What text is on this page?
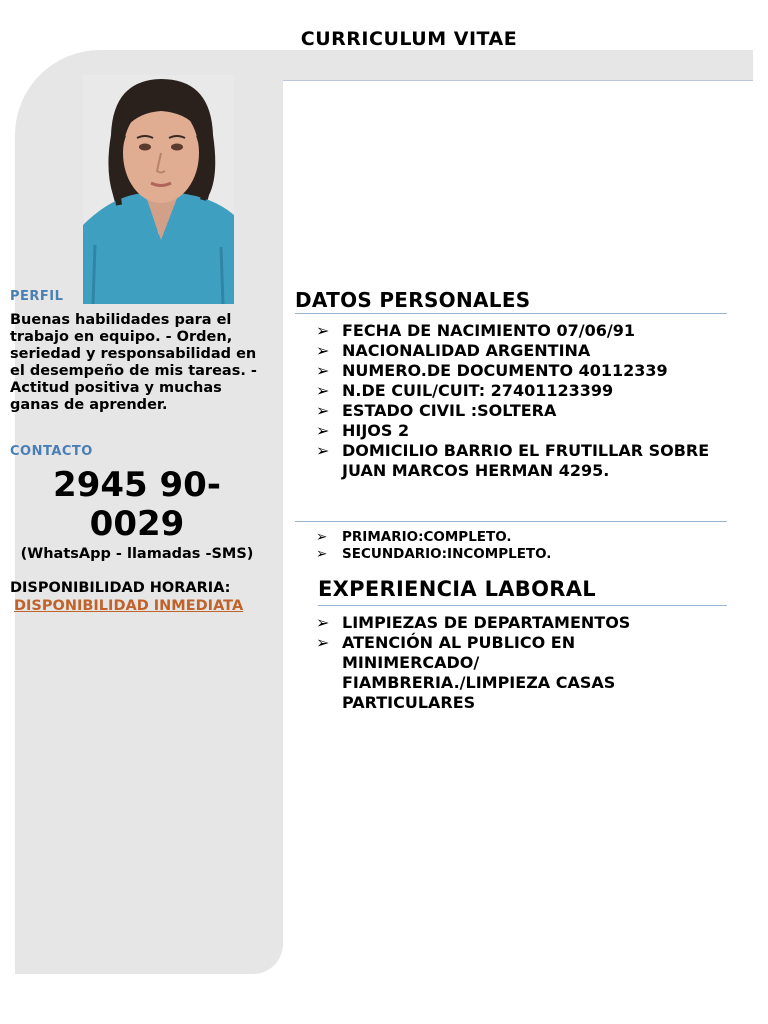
CURRICULUM VITAE
PERFIL
Buenas habilidades para el trabajo en equipo. - Orden, seriedad y responsabilidad en el desempeño de mis tareas. - Actitud positiva y muchas ganas de aprender.
CONTACTO
2945 90-0029
(WhatsApp - llamadas -SMS)
DISPONIBILIDAD HORARIA:
DISPONIBILIDAD INMEDIATA
DATOS PERSONALES
➢ FECHA DE NACIMIENTO 07/06/91
➢ NACIONALIDAD ARGENTINA
➢ NUMERO.DE DOCUMENTO 40112339
➢ N.DE CUIL/CUIT: 27401123399
➢ ESTADO CIVIL :SOLTERA
➢ HIJOS 2
➢ DOMICILIO BARRIO EL FRUTILLAR SOBRE JUAN MARCOS HERMAN 4295.
➢ PRIMARIO:COMPLETO.
➢ SECUNDARIO:INCOMPLETO.
EXPERIENCIA LABORAL
➢ LIMPIEZAS DE DEPARTAMENTOS
➢ ATENCIÓN AL PUBLICO EN MINIMERCADO/ FIAMBRERIA./LIMPIEZA CASAS PARTICULARES
